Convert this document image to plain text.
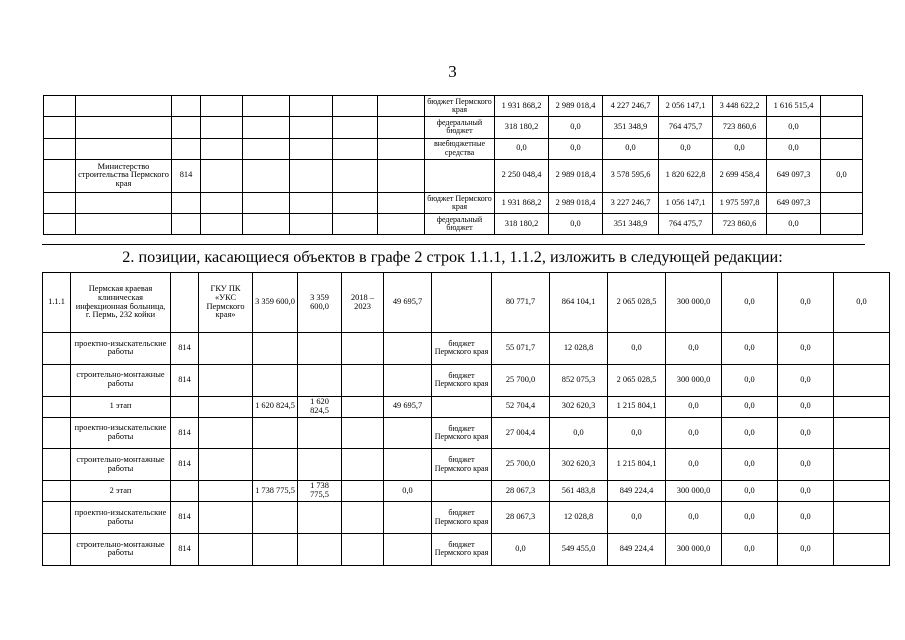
3
								бюджет Пермского края	1 931 868,2	2 989 018,4	4 227 246,7	2 056 147,1	3 448 622,2	1 616 515,4	
								федеральный бюджет	318 180,2	0,0	351 348,9	764 475,7	723 860,6	0,0	
								внебюджетные средства	0,0	0,0	0,0	0,0	0,0	0,0	
	Министерство строительства Пермского края	814							2 250 048,4	2 989 018,4	3 578 595,6	1 820 622,8	2 699 458,4	649 097,3	0,0
								бюджет Пермского края	1 931 868,2	2 989 018,4	3 227 246,7	1 056 147,1	1 975 597,8	649 097,3	
								федеральный бюджет	318 180,2	0,0	351 348,9	764 475,7	723 860,6	0,0	
2. позиции, касающиеся объектов в графе 2 строк 1.1.1, 1.1.2, изложить в следующей редакции:
1.1.1	Пермская краевая клиническая инфекционная больница, г. Пермь, 232 койки		ГКУ ПК «УКС Пермского края»	3 359 600,0	3 359 600,0	2018 – 2023	49 695,7		80 771,7	864 104,1	2 065 028,5	300 000,0	0,0	0,0	0,0
	проектно-изыскательские работы	814						бюджет Пермского края	55 071,7	12 028,8	0,0	0,0	0,0	0,0	
	строительно-монтажные работы	814						бюджет Пермского края	25 700,0	852 075,3	2 065 028,5	300 000,0	0,0	0,0	
	1 этап			1 620 824,5	1 620 824,5		49 695,7		52 704,4	302 620,3	1 215 804,1	0,0	0,0	0,0	
	проектно-изыскательские работы	814						бюджет Пермского края	27 004,4	0,0	0,0	0,0	0,0	0,0	
	строительно-монтажные работы	814						бюджет Пермского края	25 700,0	302 620,3	1 215 804,1	0,0	0,0	0,0	
	2 этап			1 738 775,5	1 738 775,5		0,0		28 067,3	561 483,8	849 224,4	300 000,0	0,0	0,0	
	проектно-изыскательские работы	814						бюджет Пермского края	28 067,3	12 028,8	0,0	0,0	0,0	0,0	
	строительно-монтажные работы	814						бюджет Пермского края	0,0	549 455,0	849 224,4	300 000,0	0,0	0,0	
